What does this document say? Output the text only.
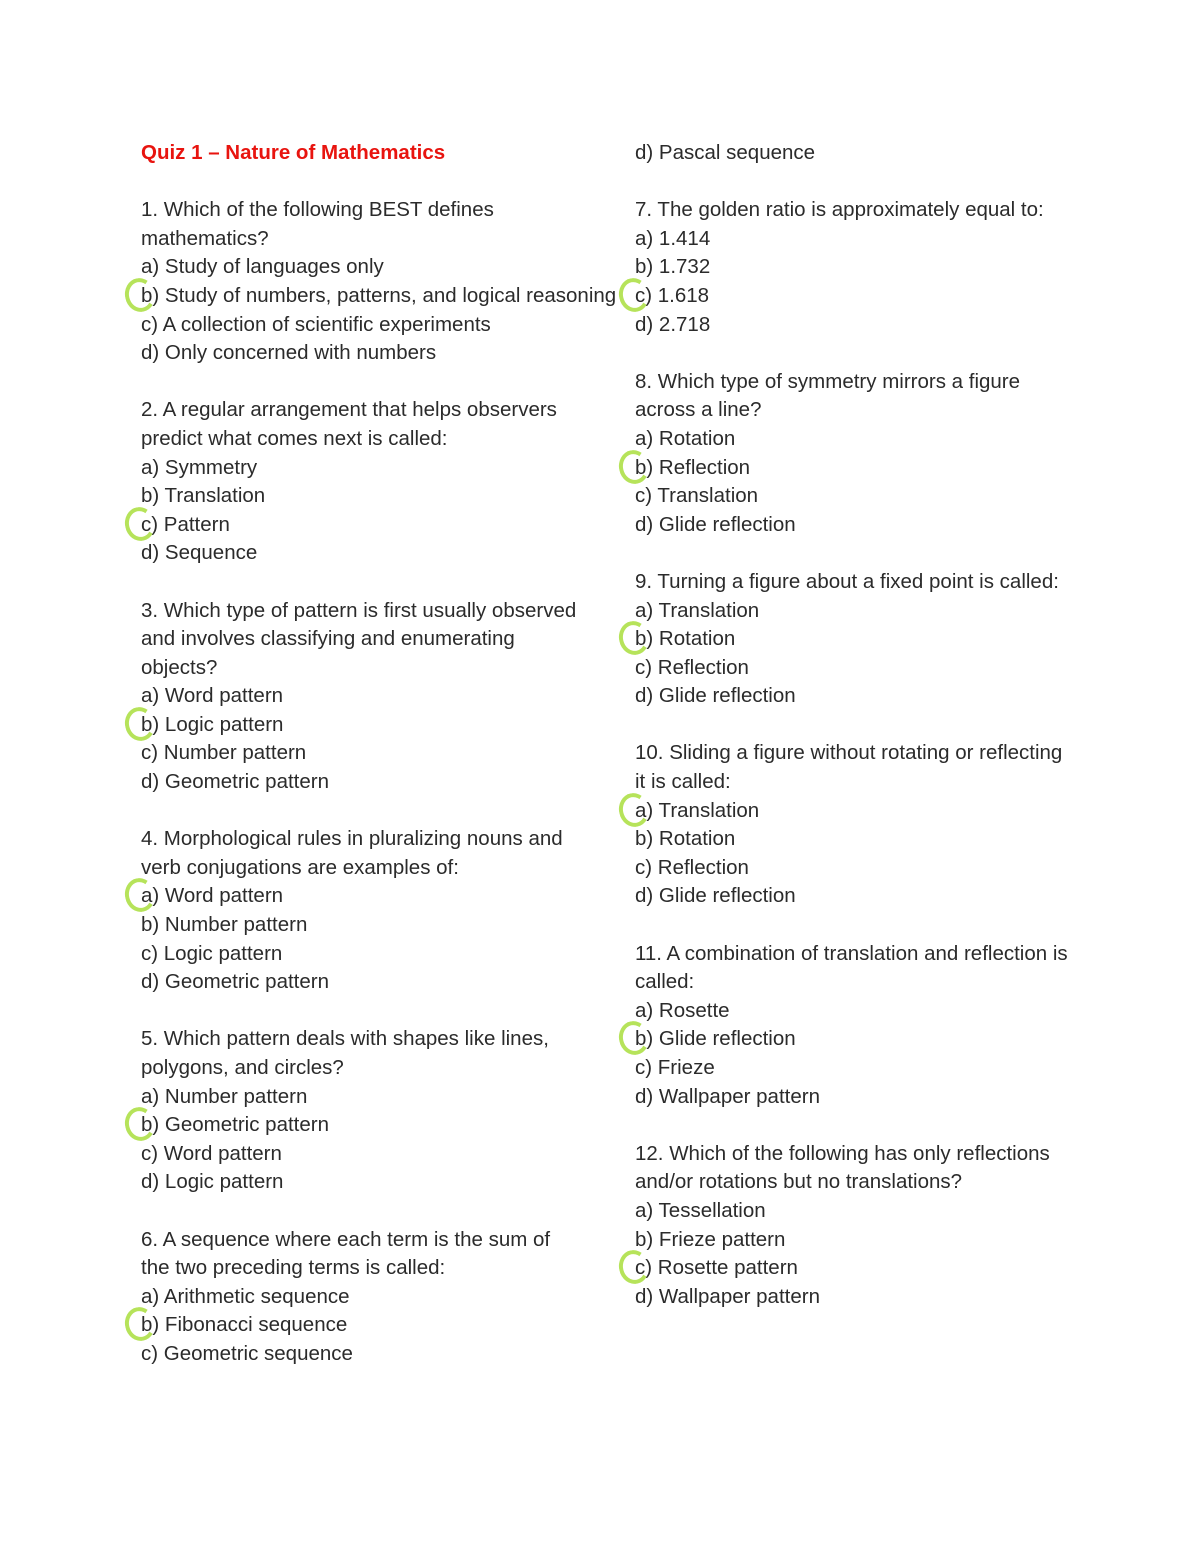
Quiz 1 – Nature of Mathematics

1. Which of the following BEST defines mathematics?

a) Study of languages only

b) Study of numbers, patterns, and logical reasoning

c) A collection of scientific experiments

d) Only concerned with numbers

2. A regular arrangement that helps observers predict what comes next is called:

a) Symmetry

b) Translation

c) Pattern

d) Sequence

3. Which type of pattern is first usually observed and involves classifying and enumerating objects?

a) Word pattern

b) Logic pattern

c) Number pattern

d) Geometric pattern

4. Morphological rules in pluralizing nouns and verb conjugations are examples of:

a) Word pattern

b) Number pattern

c) Logic pattern

d) Geometric pattern

5. Which pattern deals with shapes like lines, polygons, and circles?

a) Number pattern

b) Geometric pattern

c) Word pattern

d) Logic pattern

6. A sequence where each term is the sum of the two preceding terms is called:

a) Arithmetic sequence

b) Fibonacci sequence

c) Geometric sequence

d) Pascal sequence

7. The golden ratio is approximately equal to:

a) 1.414

b) 1.732

c) 1.618

d) 2.718

8. Which type of symmetry mirrors a figure across a line?

a) Rotation

b) Reflection

c) Translation

d) Glide reflection

9. Turning a figure about a fixed point is called:

a) Translation

b) Rotation

c) Reflection

d) Glide reflection

10. Sliding a figure without rotating or reflecting it is called:

a) Translation

b) Rotation

c) Reflection

d) Glide reflection

11. A combination of translation and reflection is called:

a) Rosette

b) Glide reflection

c) Frieze

d) Wallpaper pattern

12. Which of the following has only reflections and/or rotations but no translations?

a) Tessellation

b) Frieze pattern

c) Rosette pattern

d) Wallpaper pattern
